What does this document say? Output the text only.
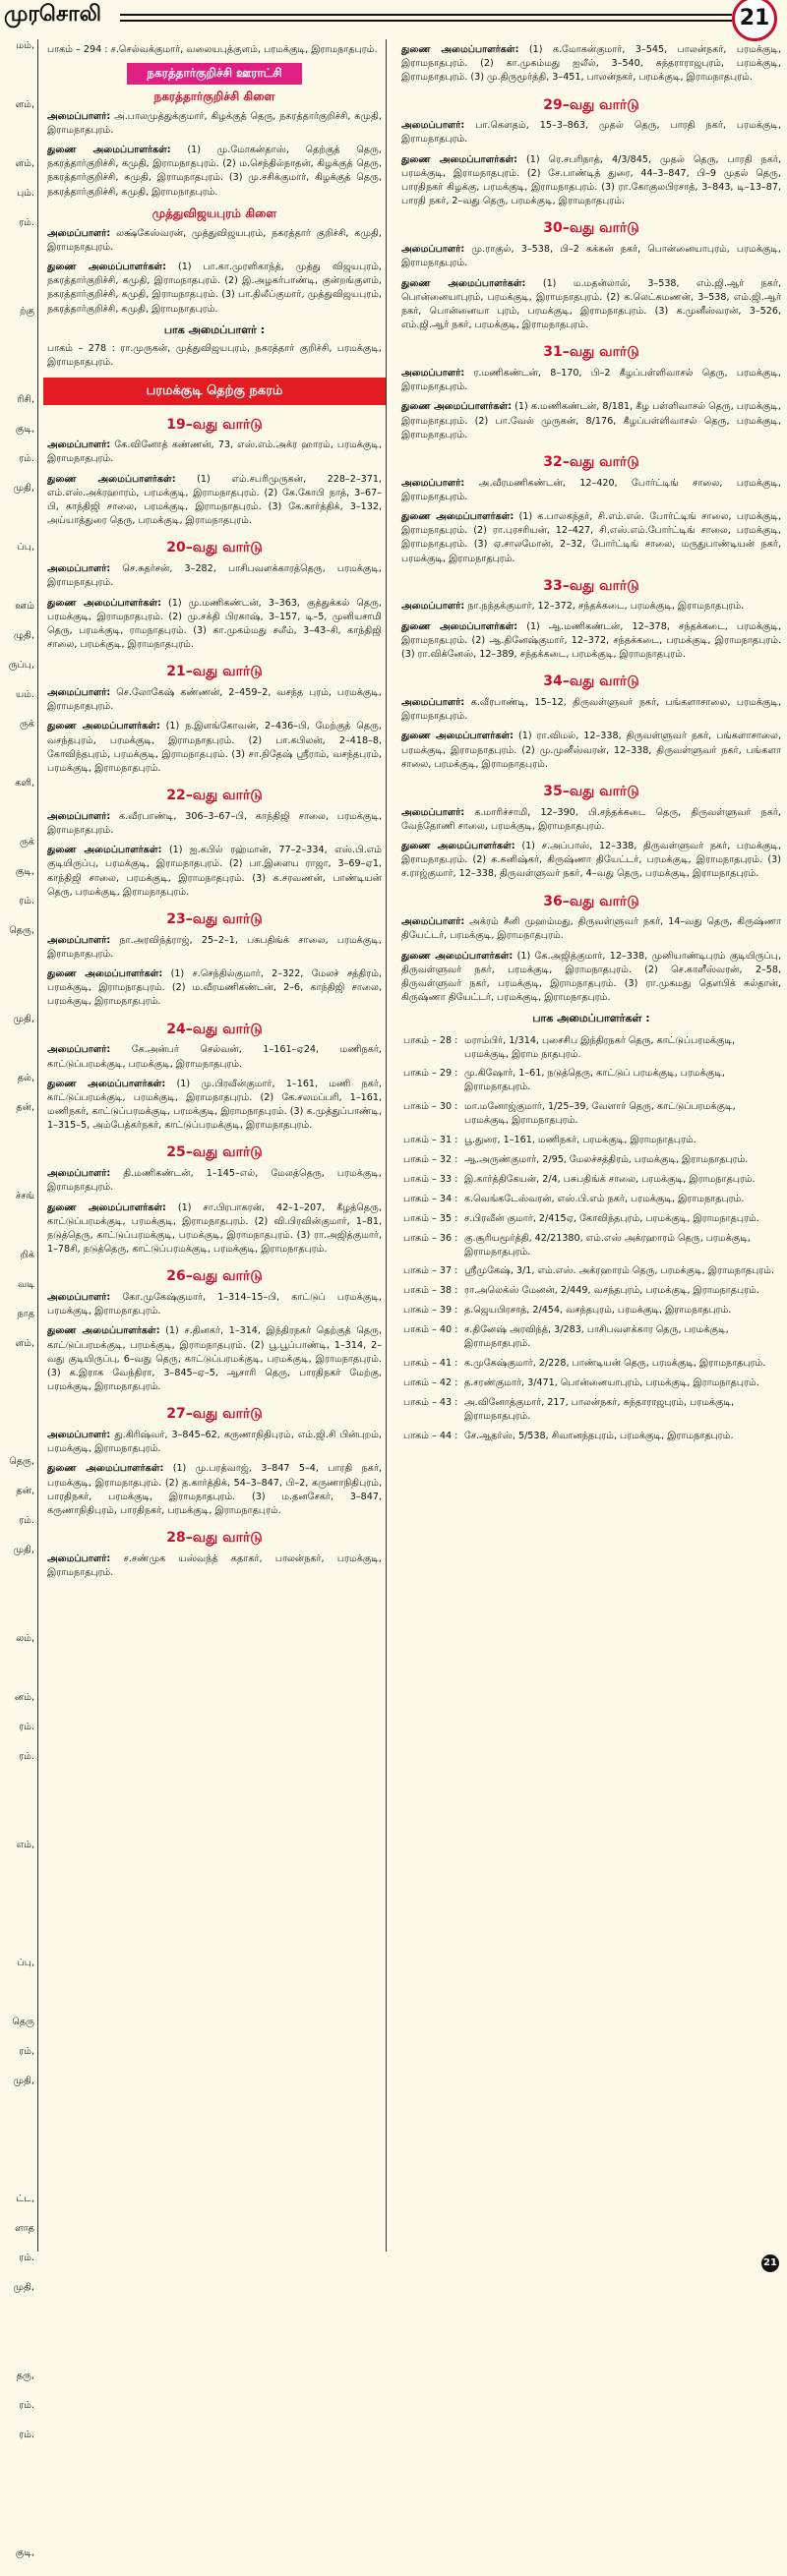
முரசொலி	21
மம்,
ளம்,
ளம்,
பும்.
ரம்.
ற்கு
ரிசி,
குடி,
ரம்.
முதி,
ப்பு,
ஊம்
ழுதி,
ருப்பு,
யம்.
ருக்
களி,
ருக்
குடி,
ரம்.
தெரு,
முதி,
தல்,
தன்,
ச்சங்
றிக்
வடி
நாத
ளம்,
தெரு,
தன்,
ரம்.
முதி,
லம்,
னம்,
ரம்.
ரம்.
எம்,
ப்பு,
தெரு
ரம்,
முதி,
ட்ட,
ளாத
ரம்.
முதி,
தரு,
ரம்.
ரம்.
குடி,
பாகம் – 294 : ச.செல்வக்குமார், வலையபுத்குளம், பரமக்குடி, இராமநாதபுரம்.
நகரத்தார்குறிச்சி ஊராட்சி
நகரத்தார்குறிச்சி கிளை
அமைப்பாளர்: அ.பாலமுத்துக்குமார், கிழக்குத் தெரு, நகரத்தார்குறிச்சி, கமுதி, இராமநாதபுரம்.
துணை அமைப்பாளர்கள்: (1) மு.மோகன்தாஸ், தெற்குத் தெரு, நகரத்தார்குறிச்சி, கமுதி, இராமநாதபுரம். (2) ம.செந்தில்நாதன், கிழக்குத் தெரு, நகரத்தார்குறிச்சி, கமுதி, இராமநாதபுரம். (3) மு.சசிக்குமார், கிழக்குத் தெரு, நகரத்தார்குறிச்சி, கமுதி, இராமநாதபுரம்.
முத்துவிஜயபுரம் கிளை
அமைப்பாளர்: லக்ஷ்கேஸ்வரன், முத்துவிஜயபுரம், நகரத்தார் குறிச்சி, கமுதி, இராமநாதபுரம்.
துணை அமைப்பாளர்கள்: (1) பா.கா.முரளிகாந்த், முத்து விஜயபுரம், நகரத்தார்குறிச்சி, கமுதி, இராமநாதபுரம். (2) இ.அழகர்பாண்டி, குன்றங்குளம், நகரத்தார்குறிச்சி, கமுதி, இராமநாதபுரம். (3) பா.திலீப்குமார், முத்துவிஜயபுரம், நகரத்தார்குறிச்சி, கமுதி, இராமநாதபுரம்.
பாக அமைப்பாளர் :
பாகம் – 278 : ரா.முருகன், முத்துவிஜயபுரம், நகரத்தார் குறிச்சி, பரமக்குடி, இராமநாதபுரம்.
பரமக்குடி தெற்கு நகரம்
19–வது வார்டு
அமைப்பாளர்: கே.வினோத் கண்ணன், 73, எஸ்.எம்.அக்ர ஹாரம், பரமக்குடி, இராமநாதபுரம்.
துணை அமைப்பாளர்கள்: (1) எம்.சபரிமுருகன், 228–2–371, எம்.எஸ்.அக்ரஹாரம், பரமக்குடி, இராமநாதபுரம். (2) கே.கோபி நாத், 3–67–பி, காந்திஜி சாலை, பரமக்குடி, இராமநாதபுரம். (3) கே.கார்த்திக், 3–132, அய்யாத்துரை தெரு, பரமக்குடி, இராமநாதபுரம்.
20–வது வார்டு
அமைப்பாளர்: செ.சுதர்சன், 3–282, பாசிபவளக்காரத்தெரு, பரமக்குடி, இராமநாதபுரம்.
துணை அமைப்பாளர்கள்: (1) மு.மணிகண்டன், 3–363, குத்துக்கல் தெரு, பரமக்குடி, இராமநாதபுரம். (2) மு.சக்தி பிரகாஷ், 3–157, டி–5, முனியசாமி தெரு, பரமக்குடி, ராமநாதபுரம். (3) கா.முகம்மது சலீம், 3–43–சி, காந்திஜி சாலை, பரமக்குடி, இராமநாதபுரம்.
21–வது வார்டு
அமைப்பாளர்: செ.லோகேஷ் கண்ணன், 2–459–2, வசந்த புரம், பரமக்குடி, இராமநாதபுரம்.
துணை அமைப்பாளர்கள்: (1) ந.இளங்கோவன், 2–436–பி, மேற்குத் தெரு, வசந்தபுரம், பரமக்குடி, இராமநாதபுரம். (2) பா.கபிலன், 2–418–8, கோவிந்தபுரம், பரமக்குடி, இராமநாதபுரம். (3) சா.நிதேஷ் ஸ்ரீராம், வசந்தபுரம், பரமக்குடி, இராமநாதபுரம்.
22–வது வார்டு
அமைப்பாளர்: க.வீரபாண்டி, 306–3–67–பி, காந்திஜி சாலை, பரமக்குடி, இராமநாதபுரம்.
துணை அமைப்பாளர்கள்: (1) ஐ.கபில் ரஹ்மான், 77–2–334, எஸ்.பி.எம் குடியிருப்பு, பரமக்குடி, இராமநாதபுரம். (2) பா.இளைய ராஜா, 3–69–ஏ1, காந்திஜி சாலை, பரமக்குடி, இராமநாதபுரம். (3) க.சரவணன், பாண்டியன் தெரு, பரமக்குடி, இராமநாதபுரம்.
23–வது வார்டு
அமைப்பாளர்: நா.அரவிந்த்ராஜ், 25–2–1, பசுபதிங்க் சாலை, பரமக்குடி, இராமநாதபுரம்.
துணை அமைப்பாளர்கள்: (1) ச.செந்தில்குமார், 2–322, மேலச் சத்திரம், பரமக்குடி, இராமநாதபுரம். (2) ம.வீரமணிகண்டன், 2–6, காந்திஜி சாலை, பரமக்குடி, இராமநாதபுரம்.
24–வது வார்டு
அமைப்பாளர்: கே.அன்பர் செல்வன், 1–161–ஏ24, மணிநகர், காட்டுப்பரமக்குடி, பரமக்குடி, இராமநாதபுரம்.
துணை அமைப்பாளர்கள்: (1) மு.பிரவீன்குமார், 1–161, மணி நகர், காட்டுப்பரமக்குடி, பரமக்குடி, இராமநாதபுரம். (2) கே.சலமப்பரி, 1–161, மணிநகர், காட்டுப்பரமக்குடி, பரமக்குடி, இராமநாதபுரம். (3) க.முத்துப்பாண்டி, 1–315–5, அம்பேத்கர்நகர், காட்டுப்பரமக்குடி, இராமநாதபுரம்.
25–வது வார்டு
அமைப்பாளர்: தி.மணிகண்டன், 1–145–எல், மேலத்தெரு, பரமக்குடி, இராமநாதபுரம்.
துணை அமைப்பாளர்கள்: (1) சா.பிரபாகரன், 42–1–207, கீழத்தெரு, காட்டுப்பரமக்குடி, பரமக்குடி, இராமநாதபுரம். (2) வி.பிரவின்குமார், 1–81, நடுத்தெரு, காட்டுப்பரமக்குடி, பரமக்குடி, இராமநாதபுரம். (3) ரா.அஜித்குமார், 1–78சி, நடுத்தெரு, காட்டுப்பரமக்குடி, பரமக்குடி, இராமநாதபுரம்.
26–வது வார்டு
அமைப்பாளர்: கோ.முகேஷ்குமார், 1–314–15–பி, காட்டுப் பரமக்குடி, பரமக்குடி, இராமநாதபுரம்.
துணை அமைப்பாளர்கள்: (1) ச.தினகர், 1–314, இந்திரநகர் தெற்குத் தெரு, காட்டுப்பரமக்குடி, பரமக்குடி, இராமநாதபுரம். (2) பூ.பூப்பாண்டி, 1–314, 2–வது குடியிருப்பு, 6–வது தெரு, காட்டுப்பரமக்குடி, பரமக்குடி, இராமநாதபுரம். (3) க.இராக வேந்திரா, 3–845–ஏ–5, ஆசாரி தெரு, பாரதிநகர் மேற்கு, பரமக்குடி, இராமநாதபுரம்.
27–வது வார்டு
அமைப்பாளர்: து.கிரிஷ்வர், 3–845–62, கருணாநிதிபுரம், எம்.ஜி.சி பின்புறம், பரமக்குடி, இராமநாதபுரம்.
துணை அமைப்பாளர்கள்: (1) மு.பரத்வாஜ், 3–847 5–4, பாரதி நகர், பரமக்குடி, இராமநாதபுரம். (2) த.கார்த்திக், 54–3–847, பி–2, கருணாநிதிபுரம், பாரதிநகர், பரமக்குடி, இராமநாதபுரம். (3) ம.தனசேகர், 3–847, கருணாநிதிபுரம், பாரதிநகர், பரமக்குடி, இராமநாதபுரம்.
28–வது வார்டு
அமைப்பாளர்: ச.சண்முக யஸ்வந்த் கதாகர், பாலன்நகர், பரமக்குடி, இராமநாதபுரம்.
துணை அமைப்பாளர்கள்: (1) க.மோகன்குமார், 3–545, பாலன்நகர், பரமக்குடி, இராமநாதபுரம். (2) கா.முகம்மது ஐலீல், 3–540, சுந்தராராஜபுரம், பரமக்குடி, இராமநாதபுரம். (3) மு.திருமூர்த்தி, 3–451, பாலன்நகர், பரமக்குடி, இராமநாதபுரம்.
29–வது வார்டு
அமைப்பாளர்: பா.கௌதம், 15–3–863, முதல் தெரு, பாரதி நகர், பரமக்குடி, இராமநாதபுரம்.
துணை அமைப்பாளர்கள்: (1) ரெ.சபரிநாத், 4/3/845, முதல் தெரு, பாரதி நகர், பரமக்குடி, இராமநாதபுரம். (2) சே.பாண்டித் துரை, 44–3–847, பி–9 முதல் தெரு, பாரதிநகர் கிழக்கு, பரமக்குடி, இராமநாதபுரம். (3) ரா.கோகுலபிரசாத், 3–843, டி–13–87, பாரதி நகர், 2–வது தெரு, பரமக்குடி, இராமநாதபுரம்.
30–வது வார்டு
அமைப்பாளர்: மு.ராகுல், 3–538, பி–2 கக்கன் நகர், பொன்னையாபுரம், பரமக்குடி, இராமநாதபுரம்.
துணை அமைப்பாளர்கள்: (1) ம.மதன்லால், 3–538, எம்.ஜி.ஆர் நகர், பொன்னையாபுரம், பரமக்குடி, இராமநாதபுரம். (2) க.லெட்சுமணன், 3–538, எம்.ஜி.ஆர் நகர், பொன்னையா புரம், பரமக்குடி, இராமநாதபுரம். (3) க.முனீஸ்வரன், 3–526, எம்.ஜி.ஆர் நகர், பரமக்குடி, இராமநாதபுரம்.
31–வது வார்டு
அமைப்பாளர்: ர.மணிகண்டன், 8–170, பி–2 கீழப்பள்ளிவாசல் தெரு, பரமக்குடி, இராமநாதபுரம்.
துணை அமைப்பாளர்கள்: (1) க.மணிகண்டன், 8/181, கீழ பள்ளிவாசல் தெரு, பரமக்குடி, இராமநாதபுரம். (2) பா.வேல் முருகன், 8/176, கீழப்பள்ளிவாசல் தெரு, பரமக்குடி, இராமநாதபுரம்.
32–வது வார்டு
அமைப்பாளர்: அ.வீரமணிகண்டன், 12–420, போர்ட்டிங் சாலை, பரமக்குடி, இராமநாதபுரம்.
துணை அமைப்பாளர்கள்: (1) க.பாலகந்தர், சி.எம்.எல். போர்ட்டிங் சாலை, பரமக்குடி, இராமநாதபுரம். (2) ரா.புரசரியன், 12–427, சி.எஸ்.எம்.போர்ட்டிங் சாலை, பரமக்குடி, இராமநாதபுரம். (3) ஏ.சாலமோன், 2–32, போர்ட்டிங் சாலை, மருதுபாண்டியன் நகர், பரமக்குடி, இராமநாதபுரம்.
33–வது வார்டு
அமைப்பாளர்: நா.நந்தக்குமார், 12–372, சந்தக்கடை, பரமக்குடி, இராமநாதபுரம்.
துணை அமைப்பாளர்கள்: (1) ஆ.மணிகண்டன், 12–378, சந்தக்கடை, பரமக்குடி, இராமநாதபுரம். (2) ஆ.தினேஷ்குமார், 12–372, சந்தக்கடை, பரமக்குடி, இராமநாதபுரம். (3) ரா.விக்னேஸ், 12–389, சந்தக்கடை, பரமக்குடி, இராமநாதபுரம்.
34–வது வார்டு
அமைப்பாளர்: க.வீரபாண்டி, 15–12, திருவள்ளுவர் நகர், பங்களாசாலை, பரமக்குடி, இராமநாதபுரம்.
துணை அமைப்பாளர்கள்: (1) ரா.விமல், 12–338, திருவள்ளுவர் நகர், பங்களாசாலை, பரமக்குடி, இராமநாதபுரம். (2) மு.முனீஸ்வரன், 12–338, திருவள்ளுவர் நகர், பங்களா சாலை, பரமக்குடி, இராமநாதபுரம்.
35–வது வார்டு
அமைப்பாளர்: க.மாரிச்சாமி, 12–390, பி.சந்தக்கடை தெரு, திருவள்ளுவர் நகர், வேந்தோணி சாலை, பரமக்குடி, இராமநாதபுரம்.
துணை அமைப்பாளர்கள்: (1) ச.அப்பாஸ், 12–338, திருவள்ளுவர் நகர், பரமக்குடி, இராமநாதபுரம். (2) க.கனிஷ்கர், கிருஷ்ணா தியேட்டர், பரமக்குடி, இராமநாதபுரம். (3) ச.ராஜ்குமார், 12–338, திருவள்ளுவர் நகர், 4–வது தெரு, பரமக்குடி, இராமநாதபுரம்.
36–வது வார்டு
அமைப்பாளர்: அக்ரம் சீனி முஹம்மது, திருவள்ளுவர் நகர், 14–வது தெரு, கிருஷ்ணா தியேட்டர், பரமக்குடி, இராமநாதபுரம்.
துணை அமைப்பாளர்கள்: (1) கே.அஜித்குமார், 12–338, முனியாண்டிபுரம் குடியிருப்பு, திருவள்ளுவர் நகர், பரமக்குடி, இராமநாதபுரம். (2) செ.காளீஸ்வரன், 2–58, திருவள்ளுவர் நகர், பரமக்குடி, இராமநாதபுரம். (3) ரா.முகமது தௌபிக் சுல்தான், கிருஷ்ணா தியேட்டர், பரமக்குடி, இராமநாதபுரம்.
பாக அமைப்பாளர்கள் :
பாகம் – 28 :	மராம்பிர், 1/314, புசைசிப இந்திரநகர் தெரு, காட்டுப்பரமக்குடி, பரமக்குடி, இராம நாதபுரம்.
பாகம் – 29 :	மு.கிஷோர், 1–61, நடுத்தெரு, காட்டுப் பரமக்குடி, பரமக்குடி, இராமநாதபுரம்.
பாகம் – 30 :	மா.மனோஜ்குமார், 1/25–39, வேளார் தெரு, காட்டுப்பரமக்குடி, பரமக்குடி, இராமநாதபுரம்.
பாகம் – 31 :	பூ.துரை, 1–161, மணிநகர், பரமக்குடி, இராமநாதபுரம்.
பாகம் – 32 :	ஆ.அருண்குமார், 2/95, மேலச்சத்திரம், பரமக்குடி, இராமநாதபுரம்.
பாகம் – 33 :	இ.கார்த்திகேயன், 2/4, பசுபதிங்க் சாலை, பரமக்குடி, இராமநாதபுரம்.
பாகம் – 34 :	க.வெங்கடேஸ்வரன், எஸ்.பி.எம் நகர், பரமக்குடி, இராமநாதபுரம்.
பாகம் – 35 :	ச.பிரவீன் குமார், 2/415ஏ, கோவிந்தபுரம், பரமக்குடி, இராமநாதபுரம்.
பாகம் – 36 :	கு.சூரியமூர்த்தி, 42/21380, எம்.எஸ் அக்ரஹாரம் தெரு, பரமக்குடி, இராமநாதபுரம்.
பாகம் – 37 :	ஸ்ரீமுகேஷ், 3/1, எம்.எஸ். அக்ரஹாரம் தெரு, பரமக்குடி, இராமநாதபுரம்.
பாகம் – 38 :	ரா.அலெக்ஸ் மேனன், 2/449, வசந்தபுரம், பரமக்குடி, இராமநாதபுரம்.
பாகம் – 39 :	த.ஜெயபிரசாத், 2/454, வசந்தபுரம், பரமக்குடி, இராமநாதபுரம்.
பாகம் – 40 :	ச.தினேஷ் அரவிந்த், 3/283, பாசிபவளக்கார தெரு, பரமக்குடி, இராமநாதபுரம்.
பாகம் – 41 :	க.முகேஷ்குமார், 2/228, பாண்டியன் தெரு, பரமக்குடி, இராமநாதபுரம்.
பாகம் – 42 :	த.சரண்குமார், 3/471, பொன்னையாபுரம், பரமக்குடி, இராமநாதபுரம்.
பாகம் – 43 :	அ.வினோத்குமார், 217, பாலன்நகர், சுந்தாராஜபுரம், பரமக்குடி, இராமநாதபுரம்.
பாகம் – 44 :	சே.ஆதர்ஸ், 5/538, சிவானந்தபுரம், பரமக்குடி, இராமநாதபுரம்.
21
